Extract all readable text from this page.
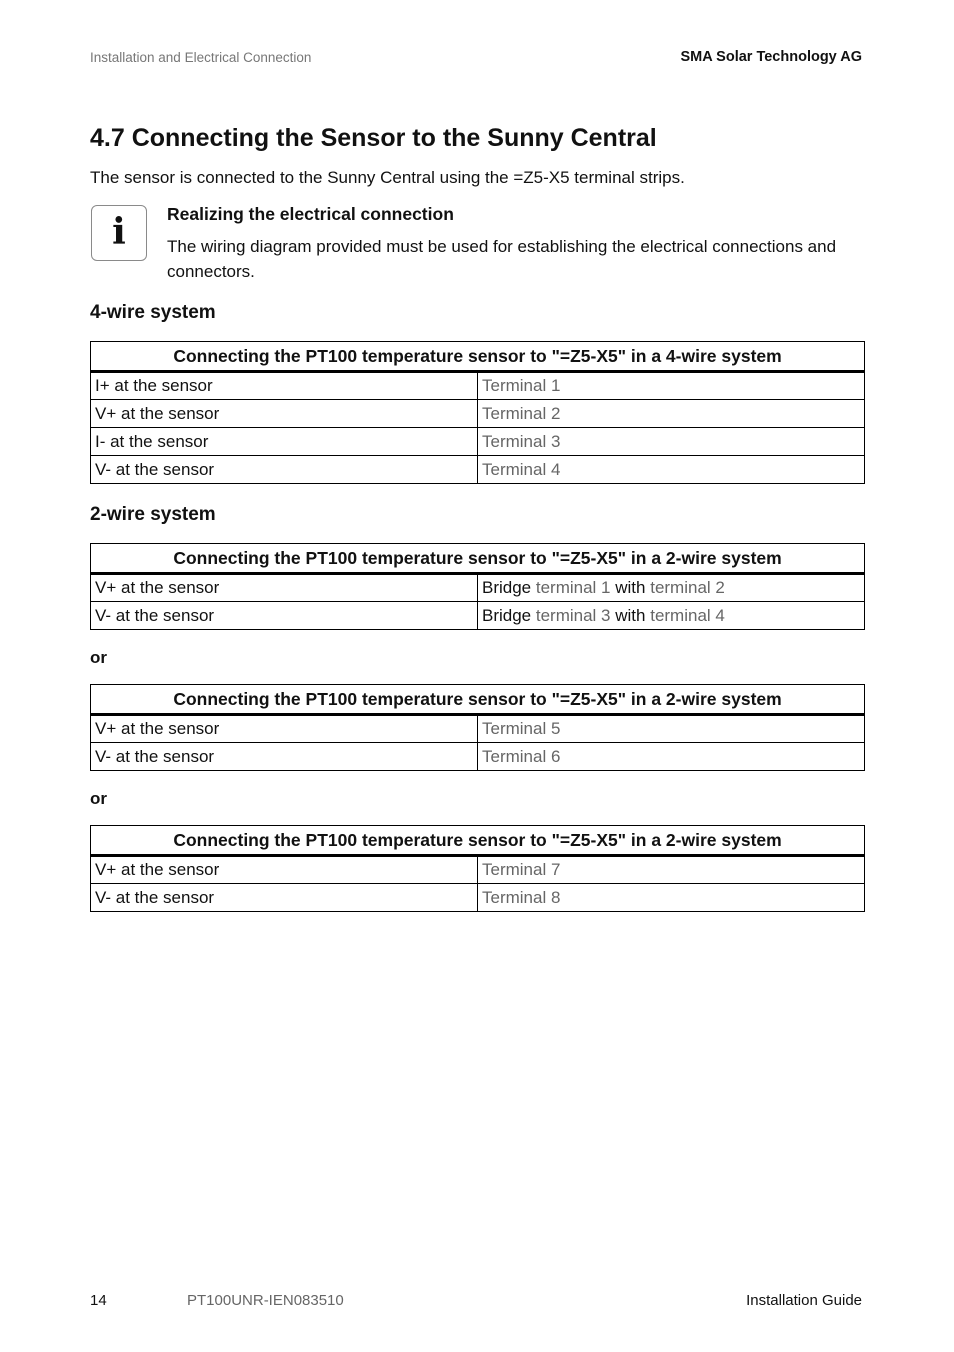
Installation and Electrical Connection	SMA Solar Technology AG
4.7 Connecting the Sensor to the Sunny Central

The sensor is connected to the Sunny Central using the =Z5-X5 terminal strips.

i	Realizing the electrical connection

The wiring diagram provided must be used for establishing the electrical connections and connectors.

4-wire system
Connecting the PT100 temperature sensor to "=Z5-X5" in a 4-wire system	
I+ at the sensor	Terminal 1
V+ at the sensor	Terminal 2
I- at the sensor	Terminal 3
V- at the sensor	Terminal 4
2-wire system
Connecting the PT100 temperature sensor to "=Z5-X5" in a 2-wire system	
V+ at the sensor	Bridge terminal 1 with terminal 2
V- at the sensor	Bridge terminal 3 with terminal 4

or

Connecting the PT100 temperature sensor to "=Z5-X5" in a 2-wire system	
V+ at the sensor	Terminal 5
V- at the sensor	Terminal 6

or

Connecting the PT100 temperature sensor to "=Z5-X5" in a 2-wire system	
V+ at the sensor	Terminal 7
V- at the sensor	Terminal 8
14	PT100UNR-IEN083510	Installation Guide
